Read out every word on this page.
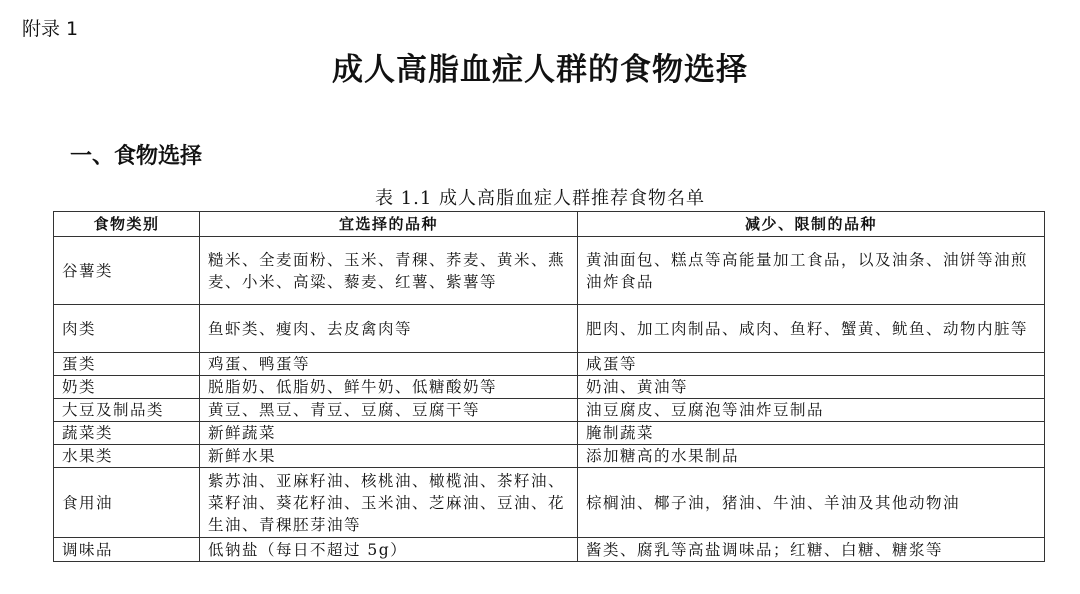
附录 1
成人高脂血症人群的食物选择
一、食物选择
表 1.1 成人高脂血症人群推荐食物名单
食物类别	宜选择的品种	减少、限制的品种
谷薯类	糙米、全麦面粉、玉米、青稞、荞麦、黄米、燕麦、小米、高粱、藜麦、红薯、紫薯等	黄油面包、糕点等高能量加工食品，以及油条、油饼等油煎油炸食品
肉类	鱼虾类、瘦肉、去皮禽肉等	肥肉、加工肉制品、咸肉、鱼籽、蟹黄、鱿鱼、动物内脏等
蛋类	鸡蛋、鸭蛋等	咸蛋等
奶类	脱脂奶、低脂奶、鲜牛奶、低糖酸奶等	奶油、黄油等
大豆及制品类	黄豆、黑豆、青豆、豆腐、豆腐干等	油豆腐皮、豆腐泡等油炸豆制品
蔬菜类	新鲜蔬菜	腌制蔬菜
水果类	新鲜水果	添加糖高的水果制品
食用油	紫苏油、亚麻籽油、核桃油、橄榄油、茶籽油、菜籽油、葵花籽油、玉米油、芝麻油、豆油、花生油、青稞胚芽油等	棕榈油、椰子油，猪油、牛油、羊油及其他动物油
调味品	低钠盐（每日不超过 5g）	酱类、腐乳等高盐调味品；红糖、白糖、糖浆等
